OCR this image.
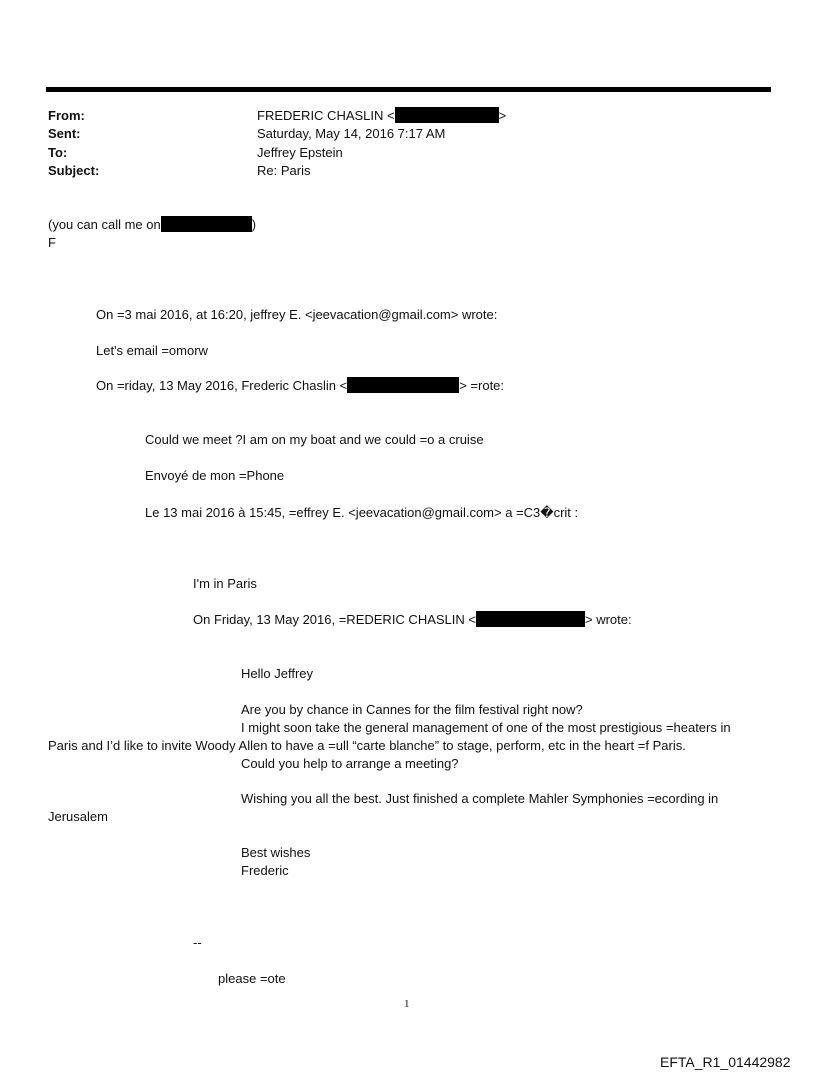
From:	FREDERIC CHASLIN <	>
Sent:	Saturday, May 14, 2016 7:17 AM
To:	Jeffrey Epstein
Subject:	Re: Paris
(you can call me on	)
F
On =3 mai 2016, at 16:20, jeffrey E. <jeevacation@gmail.com> wrote:
Let's email =omorw
On =riday, 13 May 2016, Frederic Chaslin <	> =rote:
Could we meet ?I am on my boat and we could =o a cruise
Envoyé de mon =Phone
Le 13 mai 2016 à 15:45, =effrey E. <jeevacation@gmail.com> a =C3�crit :
I'm in Paris
On Friday, 13 May 2016, =REDERIC CHASLIN <	> wrote:
Hello Jeffrey
Are you by chance in Cannes for the film festival right now?
I might soon take the general management of one of the most prestigious =heaters in
Paris and I’d like to invite Woody Allen to have a =ull “carte blanche” to stage, perform, etc in the heart =f Paris.
Could you help to arrange a meeting?
Wishing you all the best. Just finished a complete Mahler Symphonies =ecording in
Jerusalem
Best wishes
Frederic
--
please =ote
1
EFTA_R1_01442982
